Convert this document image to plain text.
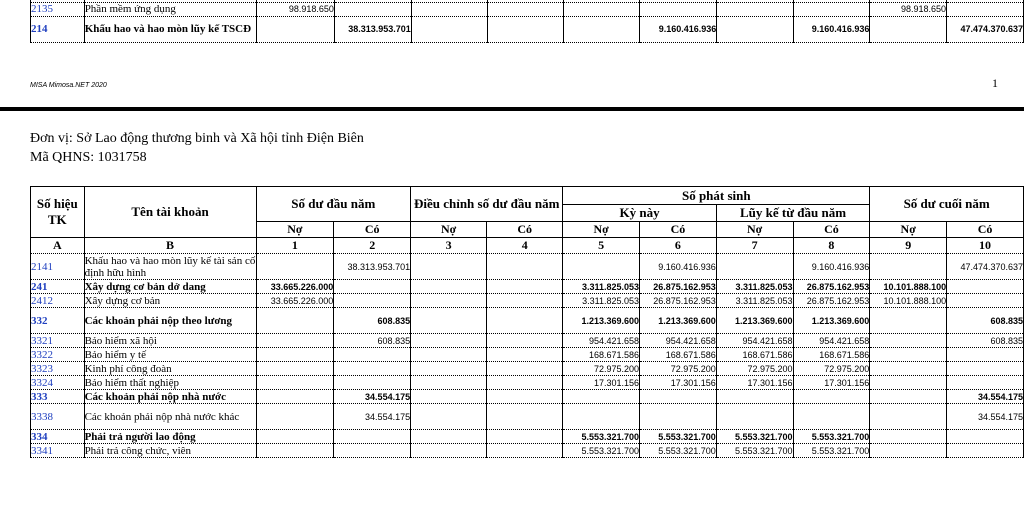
2135	Phần mềm ứng dụng	98.918.650								98.918.650	
214	Khấu hao và hao mòn lũy kế TSCĐ		38.313.953.701				9.160.416.936		9.160.416.936		47.474.370.637
MISA Mimosa.NET 2020	1
Đơn vị: Sở Lao động thương binh và Xã hội tỉnh Điện Biên
Mã QHNS: 1031758
Số hiệu TK	Tên tài khoản	Số dư đầu năm		Điều chỉnh số dư đầu năm		Số phát sinh				Số dư cuối năm	
						Kỳ này		Lũy kế từ đầu năm			
		Nợ	Có	Nợ	Có	Nợ	Có	Nợ	Có	Nợ	Có
A	B	1	2	3	4	5	6	7	8	9	10
2141	Khấu hao và hao mòn lũy kế tài sản cố định hữu hình		38.313.953.701				9.160.416.936		9.160.416.936		47.474.370.637
241	Xây dựng cơ bản dở dang	33.665.226.000				3.311.825.053	26.875.162.953	3.311.825.053	26.875.162.953	10.101.888.100	
2412	Xây dựng cơ bản	33.665.226.000				3.311.825.053	26.875.162.953	3.311.825.053	26.875.162.953	10.101.888.100	
332	Các khoản phải nộp theo lương		608.835			1.213.369.600	1.213.369.600	1.213.369.600	1.213.369.600		608.835
3321	Bảo hiểm xã hội		608.835			954.421.658	954.421.658	954.421.658	954.421.658		608.835
3322	Bảo hiểm y tế					168.671.586	168.671.586	168.671.586	168.671.586		
3323	Kinh phí công đoàn					72.975.200	72.975.200	72.975.200	72.975.200		
3324	Bảo hiểm thất nghiệp					17.301.156	17.301.156	17.301.156	17.301.156		
333	Các khoản phải nộp nhà nước		34.554.175								34.554.175
3338	Các khoản phải nộp nhà nước khác		34.554.175								34.554.175
334	Phải trả người lao động					5.553.321.700	5.553.321.700	5.553.321.700	5.553.321.700		
3341	Phải trả công chức, viên					5.553.321.700	5.553.321.700	5.553.321.700	5.553.321.700		
